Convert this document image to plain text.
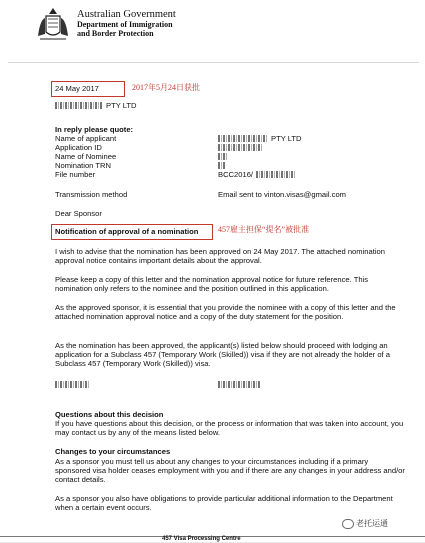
Australian Government
Department of Immigration
and Border Protection
24 May 2017	2017年5月24日获批
PTY LTD
In reply please quote:
Name of applicant	PTY LTD
Application ID
Name of Nominee
Nomination TRN
File number	BCC2016/
Transmission method	Email sent to vinton.visas@gmail.com
Dear Sponsor
Notification of approval of a nomination 457雇主担保“提名”被批准
I wish to advise that the nomination has been approved on 24 May 2017. The attached nomination approval notice contains important details about the approval.
Please keep a copy of this letter and the nomination approval notice for future reference. This nomination only refers to the nominee and the position outlined in this application.
As the approved sponsor, it is essential that you provide the nominee with a copy of this letter and the attached nomination approval notice and a copy of the duty statement for the position.
As the nomination has been approved, the applicant(s) listed below should proceed with lodging an application for a Subclass 457 (Temporary Work (Skilled)) visa if they are not already the holder of a Subclass 457 (Temporary Work (Skilled)) visa.
Questions about this decision
If you have questions about this decision, or the process or information that was taken into account, you may contact us by any of the means listed below.
Changes to your circumstances
As a sponsor you must tell us about any changes to your circumstances including if a primary sponsored visa holder ceases employment with you and if there are any changes in your address and/or contact details.
As a sponsor you also have obligations to provide particular additional information to the Department when a certain event occurs.
老托运通
457 Visa Processing Centre
